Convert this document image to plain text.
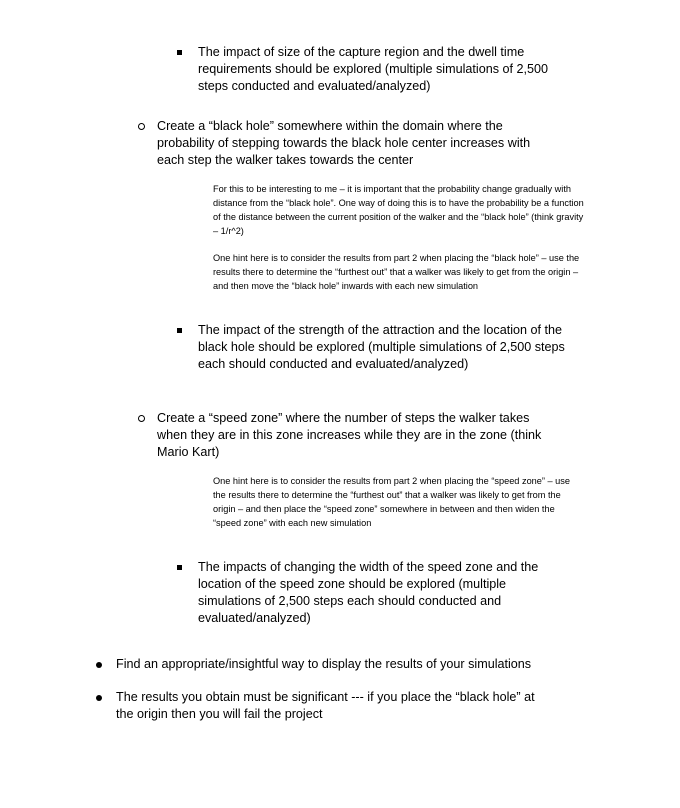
The impact of size of the capture region and the dwell time requirements should be explored (multiple simulations of 2,500 steps conducted and evaluated/analyzed)
Create a “black hole” somewhere within the domain where the probability of stepping towards the black hole center increases with each step the walker takes towards the center
For this to be interesting to me – it is important that the probability change gradually with distance from the “black hole”. One way of doing this is to have the probability be a function of the distance between the current position of the walker and the “black hole” (think gravity – 1/r^2)
One hint here is to consider the results from part 2 when placing the “black hole” – use the results there to determine the “furthest out” that a walker was likely to get from the origin – and then move the “black hole” inwards with each new simulation
The impact of the strength of the attraction and the location of the black hole should be explored (multiple simulations of 2,500 steps each should conducted and evaluated/analyzed)
Create a “speed zone” where the number of steps the walker takes when they are in this zone increases while they are in the zone (think Mario Kart)
One hint here is to consider the results from part 2 when placing the “speed zone” – use the results there to determine the “furthest out” that a walker was likely to get from the origin – and then place the “speed zone” somewhere in between and then widen the “speed zone” with each new simulation
The impacts of changing the width of the speed zone and the location of the speed zone should be explored (multiple simulations of 2,500 steps each should conducted and evaluated/analyzed)
Find an appropriate/insightful way to display the results of your simulations
The results you obtain must be significant --- if you place the “black hole” at the origin then you will fail the project
